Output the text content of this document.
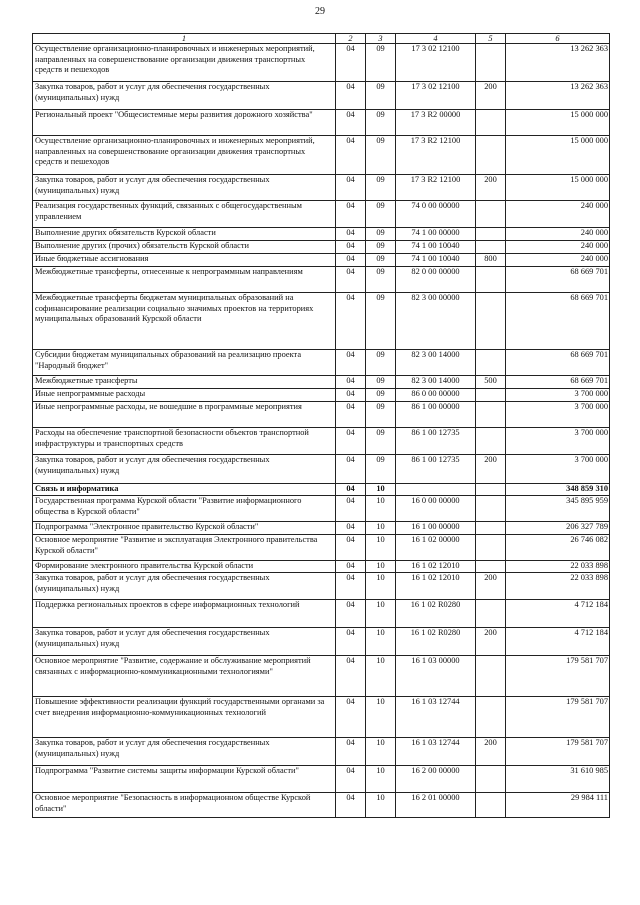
29
1	2	3	4	5	6
Осуществление организационно-планировочных и инженерных мероприятий, направленных на совершенствование организации движения транспортных средств и пешеходов	04	09	17 3 02 12100		13 262 363
Закупка товаров, работ и услуг для обеспечения государственных (муниципальных) нужд	04	09	17 3 02 12100	200	13 262 363
Региональный проект "Общесистемные меры развития дорожного хозяйства"	04	09	17 3 R2 00000		15 000 000
Осуществление организационно-планировочных и инженерных мероприятий, направленных на совершенствование организации движения транспортных средств и пешеходов	04	09	17 3 R2 12100		15 000 000
Закупка товаров, работ и услуг для обеспечения государственных (муниципальных) нужд	04	09	17 3 R2 12100	200	15 000 000
Реализация государственных функций, связанных с общегосударственным управлением	04	09	74 0 00 00000		240 000
Выполнение других обязательств Курской области	04	09	74 1 00 00000		240 000
Выполнение других (прочих) обязательств Курской области	04	09	74 1 00 10040		240 000
Иные бюджетные ассигнования	04	09	74 1 00 10040	800	240 000
Межбюджетные трансферты, отнесенные к непрограммным направлениям	04	09	82 0 00 00000		68 669 701
Межбюджетные трансферты бюджетам муниципальных образований на софинансирование реализации социально значимых проектов на территориях муниципальных образований Курской области	04	09	82 3 00 00000		68 669 701
Субсидии бюджетам муниципальных образований на реализацию проекта "Народный бюджет"	04	09	82 3 00 14000		68 669 701
Межбюджетные трансферты	04	09	82 3 00 14000	500	68 669 701
Иные непрограммные расходы	04	09	86 0 00 00000		3 700 000
Иные непрограммные расходы, не вошедшие в программные мероприятия	04	09	86 1 00 00000		3 700 000
Расходы на обеспечение транспортной безопасности объектов транспортной инфраструктуры и транспортных средств	04	09	86 1 00 12735		3 700 000
Закупка товаров, работ и услуг для обеспечения государственных (муниципальных) нужд	04	09	86 1 00 12735	200	3 700 000
Связь и информатика	04	10			348 859 310
Государственная программа Курской области "Развитие информационного общества в Курской области"	04	10	16 0 00 00000		345 895 959
Подпрограмма "Электронное правительство Курской области"	04	10	16 1 00 00000		206 327 789
Основное мероприятие "Развитие и эксплуатация Электронного правительства Курской области"	04	10	16 1 02 00000		26 746 082
Формирование электронного правительства Курской области	04	10	16 1 02 12010		22 033 898
Закупка товаров, работ и услуг для обеспечения государственных (муниципальных) нужд	04	10	16 1 02 12010	200	22 033 898
Поддержка региональных проектов в сфере информационных технологий	04	10	16 1 02 R0280		4 712 184
Закупка товаров, работ и услуг для обеспечения государственных (муниципальных) нужд	04	10	16 1 02 R0280	200	4 712 184
Основное мероприятие "Развитие, содержание и обслуживание мероприятий связанных с информационно-коммуникационными технологиями"	04	10	16 1 03 00000		179 581 707
Повышение эффективности реализации функций государственными органами за счет внедрения информационно-коммуникационных технологий	04	10	16 1 03 12744		179 581 707
Закупка товаров, работ и услуг для обеспечения государственных (муниципальных) нужд	04	10	16 1 03 12744	200	179 581 707
Подпрограмма "Развитие системы защиты информации Курской области"	04	10	16 2 00 00000		31 610 985
Основное мероприятие "Безопасность в информационном обществе Курской области"	04	10	16 2 01 00000		29 984 111
